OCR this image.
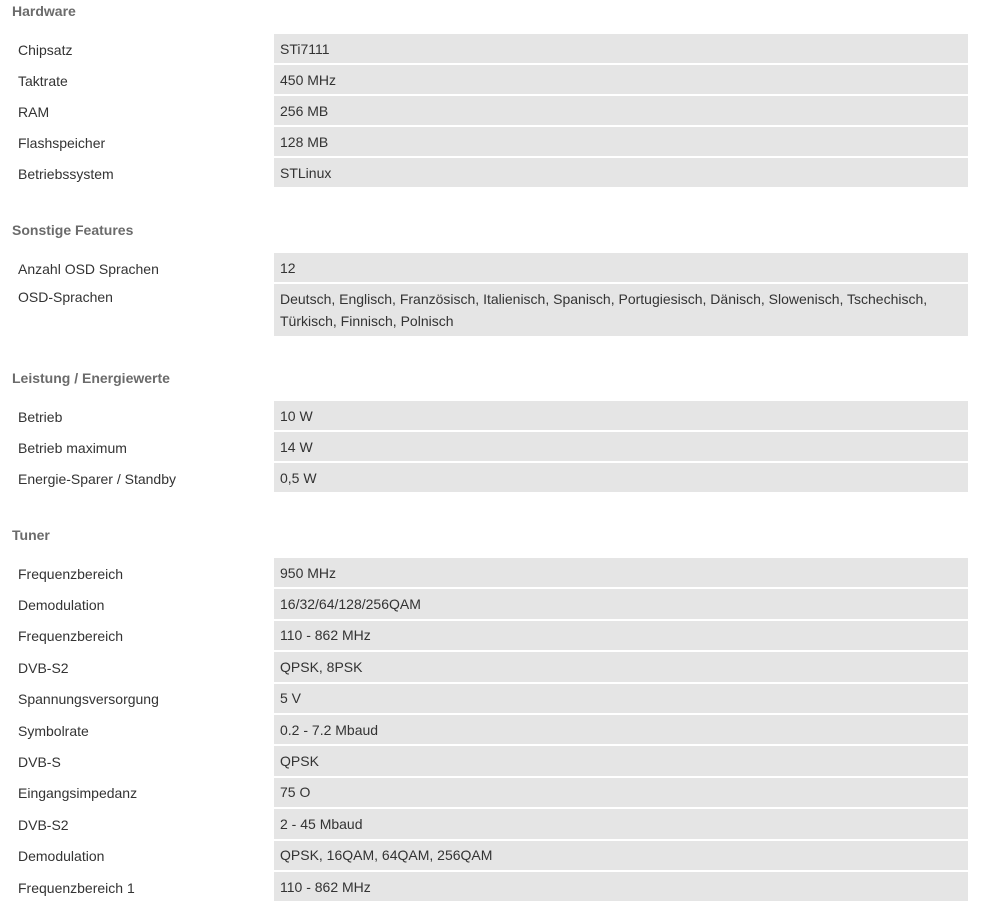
Hardware
Chipsatz	STi7111
Taktrate	450 MHz
RAM	256 MB
Flashspeicher	128 MB
Betriebssystem	STLinux
Sonstige Features
Anzahl OSD Sprachen	12
OSD-Sprachen	Deutsch, Englisch, Französisch, Italienisch, Spanisch, Portugiesisch, Dänisch, Slowenisch, Tschechisch, Türkisch, Finnisch, Polnisch
Leistung / Energiewerte
Betrieb	10 W
Betrieb maximum	14 W
Energie-Sparer / Standby	0,5 W
Tuner
Frequenzbereich	950 MHz
Demodulation	16/32/64/128/256QAM
Frequenzbereich	110 - 862 MHz
DVB-S2	QPSK, 8PSK
Spannungsversorgung	5 V
Symbolrate	0.2 - 7.2 Mbaud
DVB-S	QPSK
Eingangsimpedanz	75 O
DVB-S2	2 - 45 Mbaud
Demodulation	QPSK, 16QAM, 64QAM, 256QAM
Frequenzbereich 1	110 - 862 MHz
